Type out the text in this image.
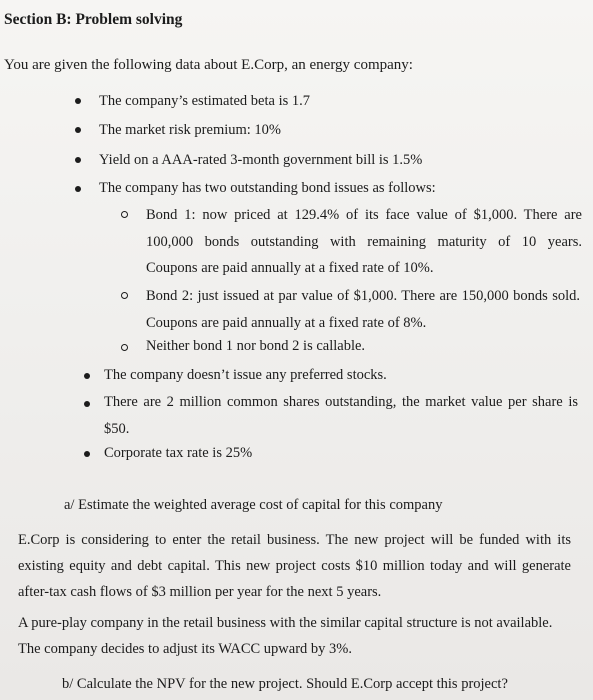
Section B: Problem solving
You are given the following data about E.Corp, an energy company:
The company’s estimated beta is 1.7
The market risk premium: 10%
Yield on a AAA-rated 3-month government bill is 1.5%
The company has two outstanding bond issues as follows:
Bond 1: now priced at 129.4% of its face value of $1,000. There are
100,000 bonds outstanding with remaining maturity of 10 years.
Coupons are paid annually at a fixed rate of 10%.
Bond 2: just issued at par value of $1,000. There are 150,000 bonds sold.
Coupons are paid annually at a fixed rate of 8%.
Neither bond 1 nor bond 2 is callable.
The company doesn’t issue any preferred stocks.
There are 2 million common shares outstanding, the market value per share is
$50.
Corporate tax rate is 25%
a/ Estimate the weighted average cost of capital for this company
E.Corp is considering to enter the retail business. The new project will be funded with its
existing equity and debt capital. This new project costs $10 million today and will generate
after-tax cash flows of $3 million per year for the next 5 years.
A pure-play company in the retail business with the similar capital structure is not available.
The company decides to adjust its WACC upward by 3%.
b/ Calculate the NPV for the new project. Should E.Corp accept this project?
